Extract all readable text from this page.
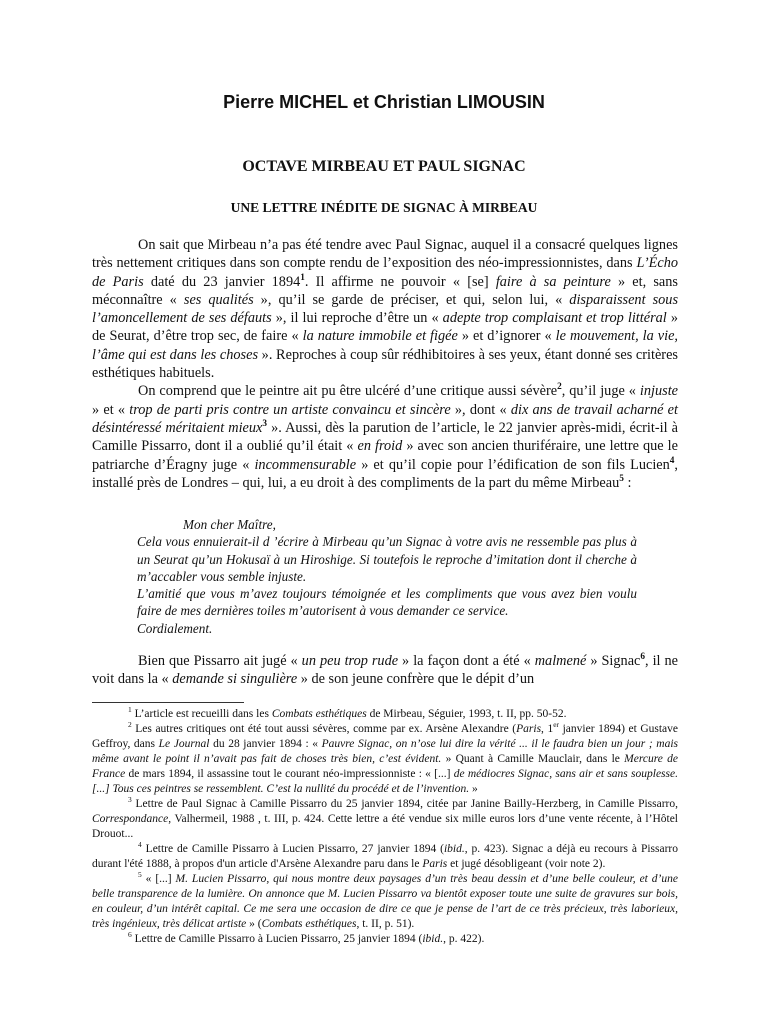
Pierre MICHEL et Christian LIMOUSIN
OCTAVE MIRBEAU ET PAUL SIGNAC
UNE LETTRE INÉDITE DE SIGNAC À MIRBEAU

On sait que Mirbeau n’a pas été tendre avec Paul Signac, auquel il a consacré quelques lignes très nettement critiques dans son compte rendu de l’exposition des néo-impressionnistes, dans L’Écho de Paris daté du 23 janvier 1894$^1$. Il affirme ne pouvoir « [se] faire à sa peinture » et, sans méconnaître « ses qualités », qu’il se garde de préciser, et qui, selon lui, « disparaissent sous l’amoncellement de ses défauts », il lui reproche d’être un « adepte trop complaisant et trop littéral » de Seurat, d’être trop sec, de faire « la nature immobile et figée » et d’ignorer « le mouvement, la vie, l’âme qui est dans les choses ». Reproches à coup sûr rédhibitoires à ses yeux, étant donné ses critères esthétiques habituels.

On comprend que le peintre ait pu être ulcéré d’une critique aussi sévère$^2$, qu’il juge « injuste » et « trop de parti pris contre un artiste convaincu et sincère », dont « dix ans de travail acharné et désintéressé méritaient mieux$^3$ ». Aussi, dès la parution de l’article, le 22 janvier après-midi, écrit-il à Camille Pissarro, dont il a oublié qu’il était « en froid » avec son ancien thuriféraire, une lettre que le patriarche d’Éragny juge « incommensurable » et qu’il copie pour l’édification de son fils Lucien$^4$, installé près de Londres – qui, lui, a eu droit à des compliments de la part du même Mirbeau$^5$ :

Mon cher Maître,

Cela vous ennuierait-il d ’écrire à Mirbeau qu’un Signac à votre avis ne ressemble pas plus à un Seurat qu’un Hokusaï à un Hiroshige. Si toutefois le reproche d’imitation dont il cherche à m’accabler vous semble injuste.

L’amitié que vous m’avez toujours témoignée et les compliments que vous avez bien voulu faire de mes dernières toiles m’autorisent à vous demander ce service.

Cordialement.

Bien que Pissarro ait jugé « un peu trop rude » la façon dont a été « malmené » Signac$^6$, il ne voit dans la « demande si singulière » de son jeune confrère que le dépit d’un

$^1$ L’article est recueilli dans les Combats esthétiques de Mirbeau, Séguier, 1993, t. II, pp. 50-52.

$^2$ Les autres critiques ont été tout aussi sévères, comme par ex. Arsène Alexandre (Paris, 1er janvier 1894) et Gustave Geffroy, dans Le Journal du 28 janvier 1894 : « Pauvre Signac, on n’ose lui dire la vérité ... il le faudra bien un jour ; mais même avant le point il n’avait pas fait de choses très bien, c’est évident. » Quant à Camille Mauclair, dans le Mercure de France de mars 1894, il assassine tout le courant néo-impressionniste : « [...] de médiocres Signac, sans air et sans souplesse. [...] Tous ces peintres se ressemblent. C’est la nullité du procédé et de l’invention. »

$^3$ Lettre de Paul Signac à Camille Pissarro du 25 janvier 1894, citée par Janine Bailly-Herzberg, in Camille Pissarro, Correspondance, Valhermeil, 1988 , t. III, p. 424. Cette lettre a été vendue six mille euros lors d’une vente récente, à l’Hôtel Drouot...

$^4$ Lettre de Camille Pissarro à Lucien Pissarro, 27 janvier 1894 (ibid., p. 423). Signac a déjà eu recours à Pissarro durant l'été 1888, à propos d'un article d'Arsène Alexandre paru dans le Paris et jugé désobligeant (voir note 2).

$^5$ « [...] M. Lucien Pissarro, qui nous montre deux paysages d’un très beau dessin et d’une belle couleur, et d’une belle transparence de la lumière. On annonce que M. Lucien Pissarro va bientôt exposer toute une suite de gravures sur bois, en couleur, d’un intérêt capital. Ce me sera une occasion de dire ce que je pense de l’art de ce très précieux, très laborieux, très ingénieux, très délicat artiste » (Combats esthétiques, t. II, p. 51).

$^6$ Lettre de Camille Pissarro à Lucien Pissarro, 25 janvier 1894 (ibid., p. 422).
